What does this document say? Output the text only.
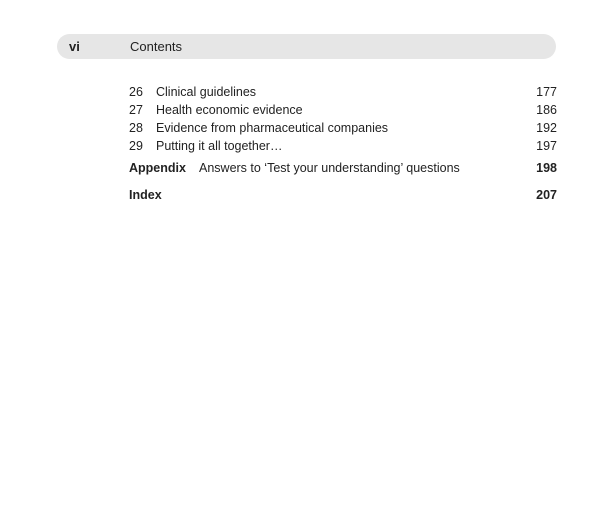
vi	Contents
26 Clinical guidelines	177
27 Health economic evidence	186
28 Evidence from pharmaceutical companies	192
29 Putting it all together…	197
Appendix Answers to ‘Test your understanding’ questions	198
Index	207
